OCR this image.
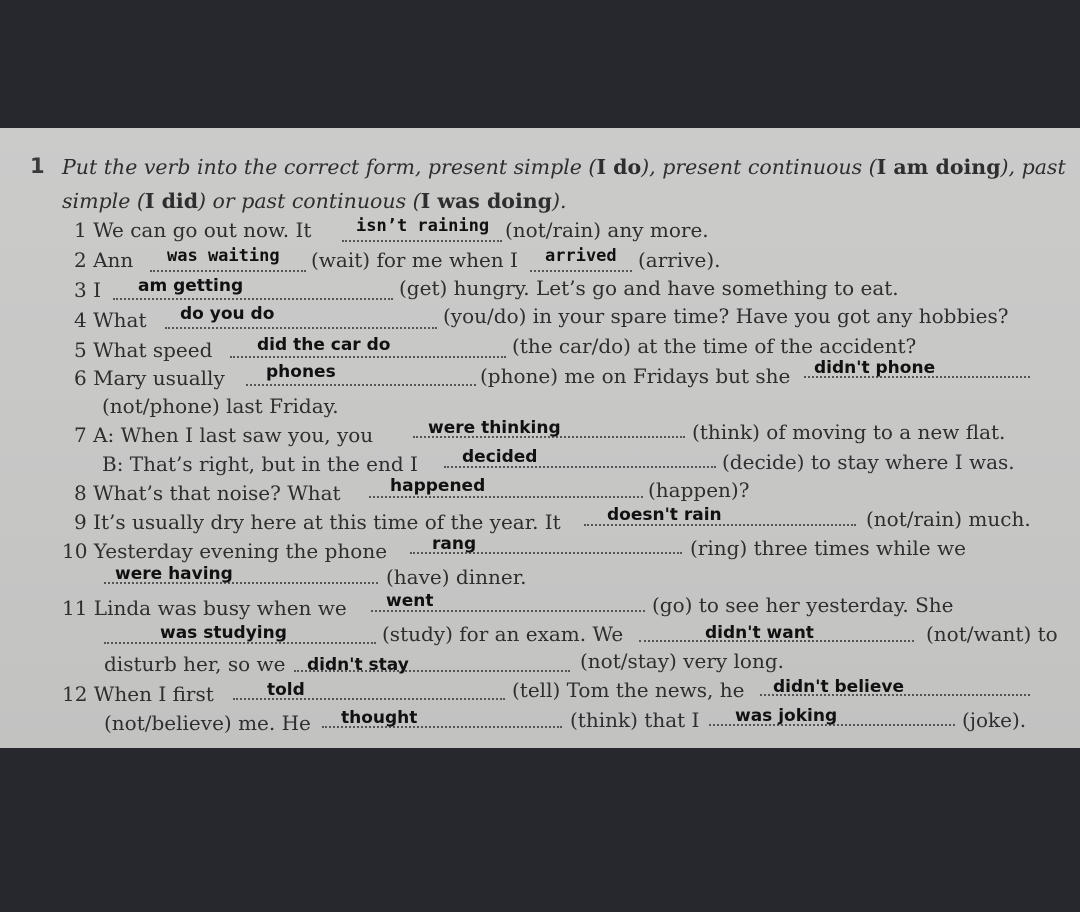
1 Put the verb into the correct form, present simple (I do), present continuous (I am doing), past
simple (I did) or past continuous (I was doing).
1 We can go out now. It	isn’t raining (not/rain) any more.
2 Ann was waiting (wait) for me when I arrived (arrive).
3 I am getting	(get) hungry. Let’s go and have something to eat.
4 What do you do	(you/do) in your spare time? Have you got any hobbies?
5 What speed	did the car do	(the car/do) at the time of the accident?
6 Mary usually phones	(phone) me on Fridays but she didn't phone
(not/phone) last Friday.
7 A: When I last saw you, you	were thinking	(think) of moving to a new flat.
B: That’s right, but in the end I	decided	(decide) to stay where I was.
8 What’s that noise? What	happened	(happen)?
9 It’s usually dry here at this time of the year. It	doesn't rain	(not/rain) much.
10 Yesterday evening the phone	rang	(ring) three times while we
were having	(have) dinner.
11 Linda was busy when we went	(go) to see her yesterday. She
was studying	(study) for an exam. We	didn't want	(not/want) to
disturb her, so we didn't stay	(not/stay) very long.
12 When I first	told	(tell) Tom the news, he didn't believe
(not/believe) me. He thought	(think) that I was joking	(joke).
